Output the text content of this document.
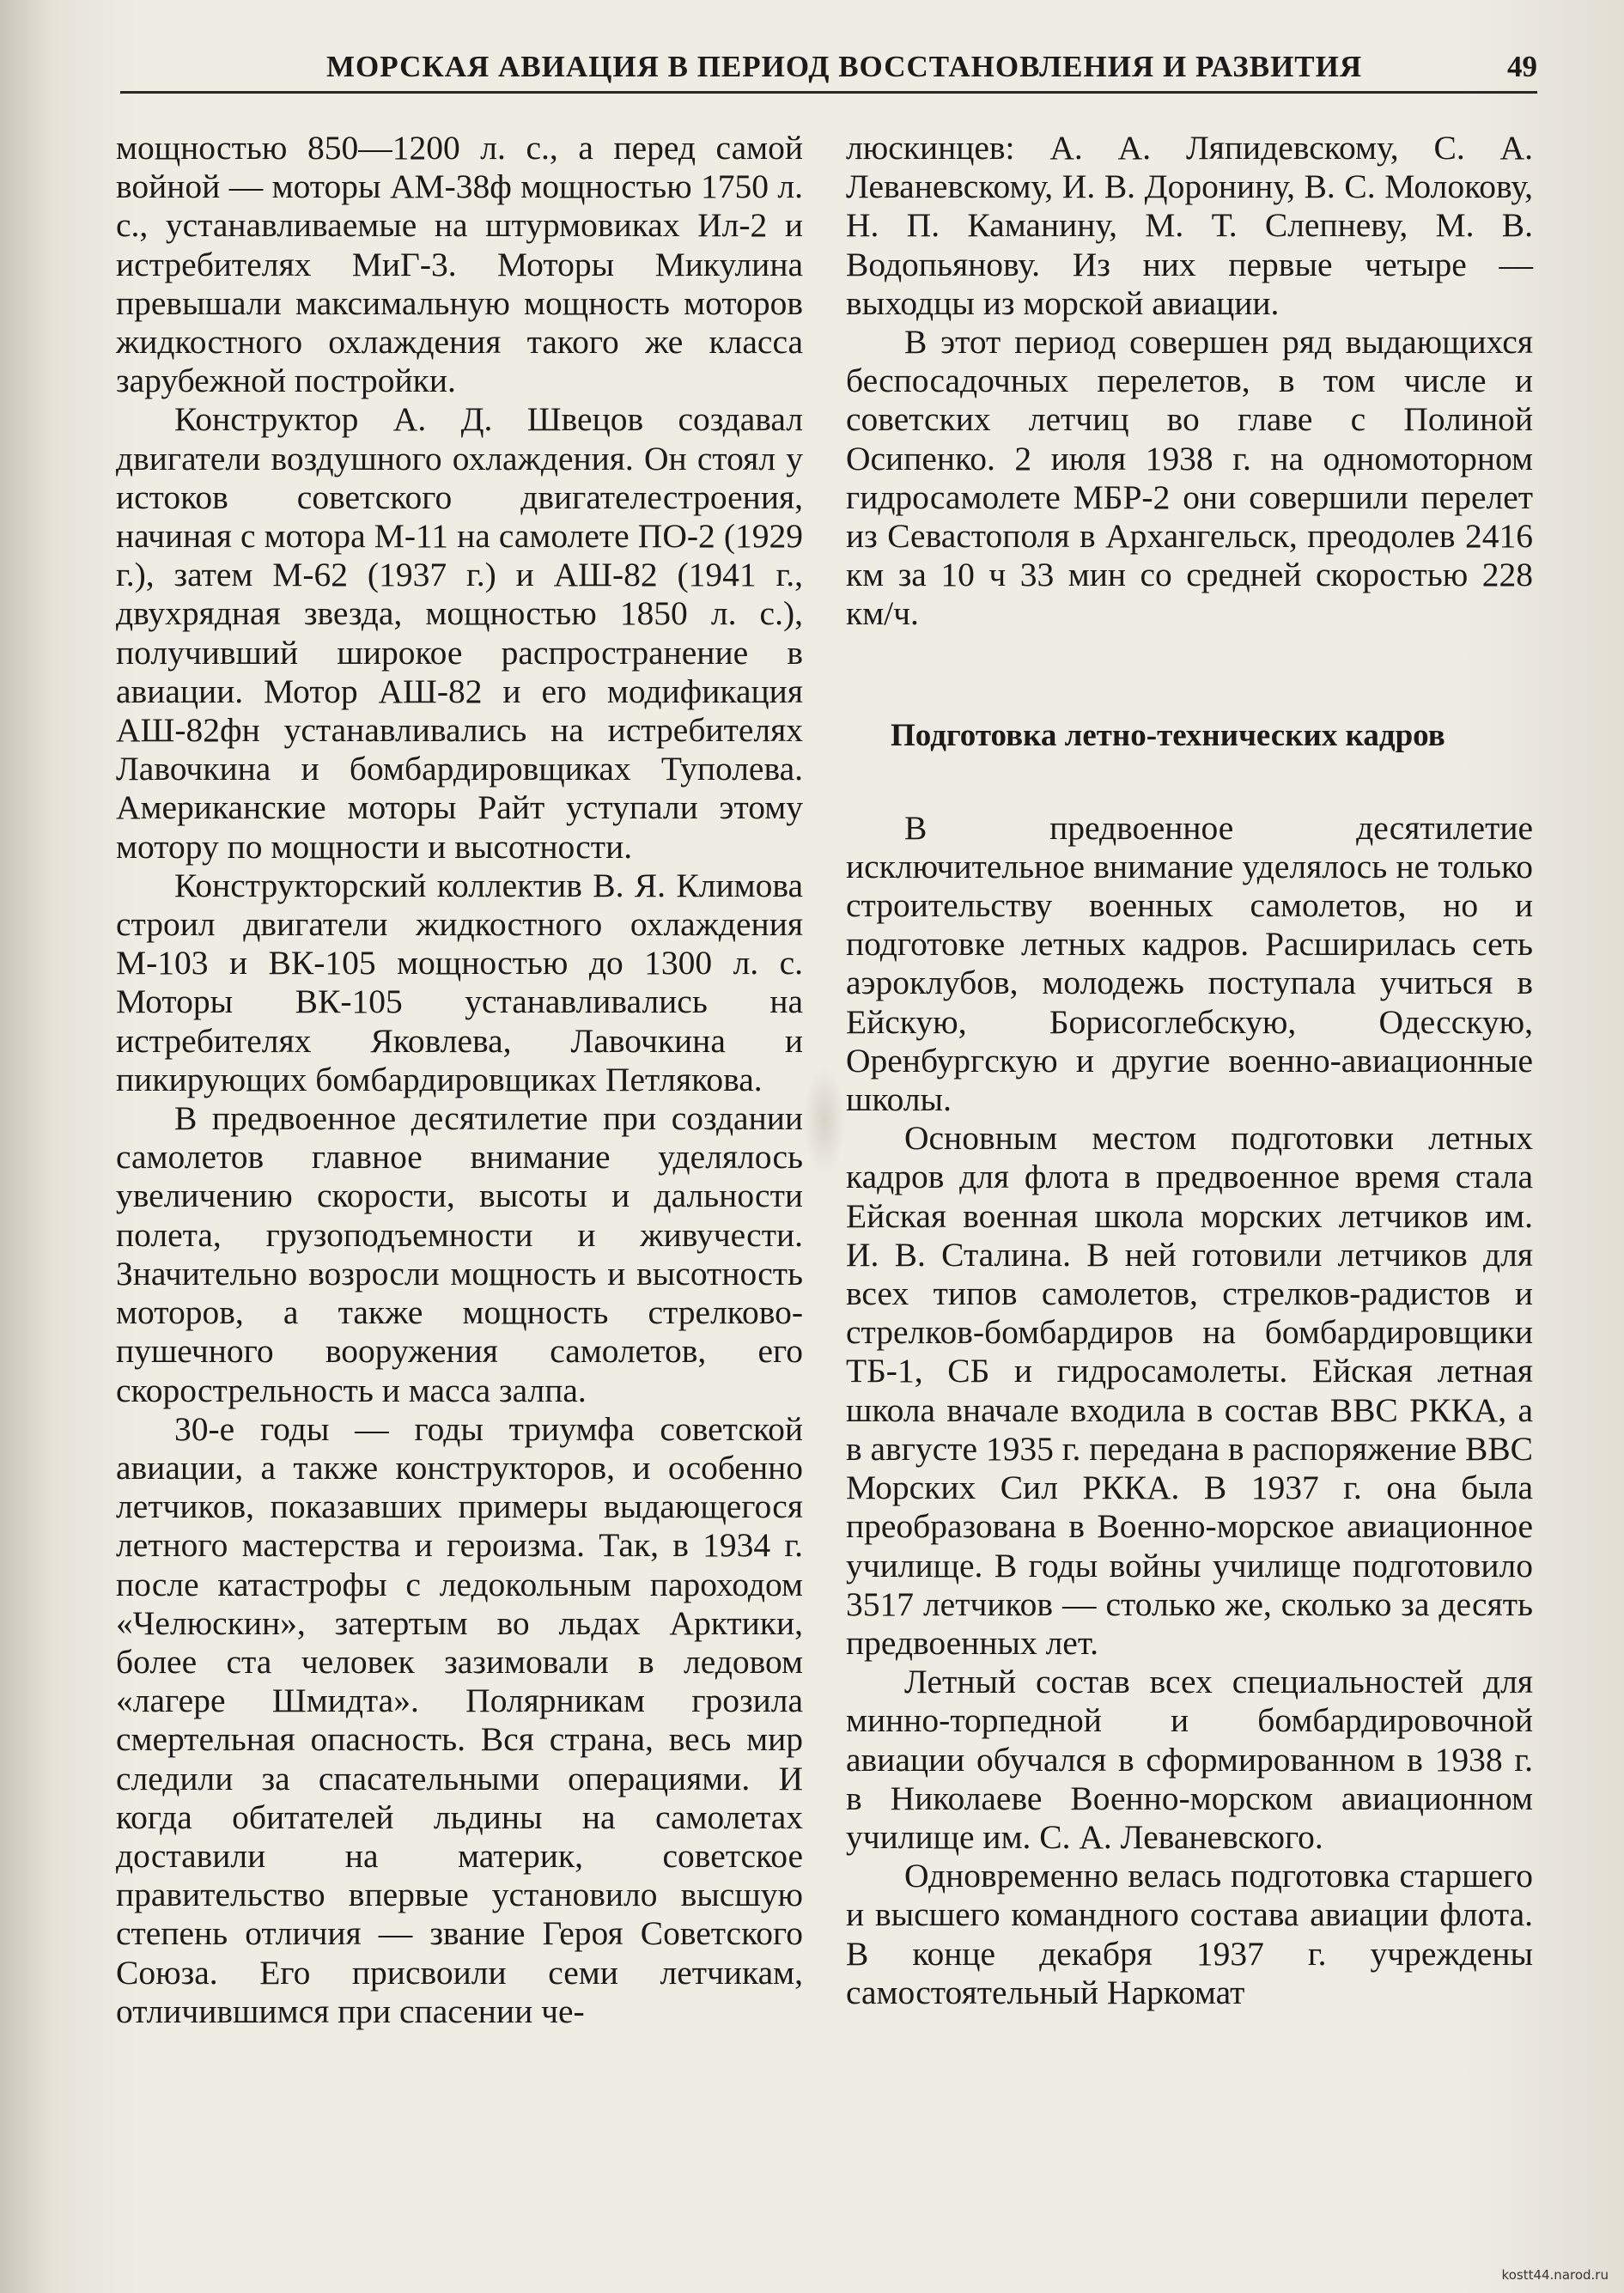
МОРСКАЯ АВИАЦИЯ В ПЕРИОД ВОССТАНОВЛЕНИЯ И РАЗВИТИЯ	49

мощностью 850—1200 л. с., а перед самой войной — моторы АМ-38ф мощностью 1750 л. с., устанавливаемые на штурмовиках Ил-2 и истребителях МиГ-3. Моторы Микулина превышали максимальную мощность моторов жидкостного охлаждения такого же класса зарубежной постройки.

Конструктор А. Д. Швецов создавал двигатели воздушного охлаждения. Он стоял у истоков советского двигателестроения, начиная с мотора М-11 на самолете ПО-2 (1929 г.), затем М-62 (1937 г.) и АШ-82 (1941 г., двухрядная звезда, мощностью 1850 л. с.), получивший широкое распространение в авиации. Мотор АШ-82 и его модификация АШ-82фн устанавливались на истребителях Лавочкина и бомбардировщиках Туполева. Американские моторы Райт уступали этому мотору по мощности и высотности.

Конструкторский коллектив В. Я. Климова строил двигатели жидкостного охлаждения М-103 и ВК-105 мощностью до 1300 л. с. Моторы ВК-105 устанавливались на истребителях Яковлева, Лавочкина и пикирующих бомбардировщиках Петлякова.

В предвоенное десятилетие при создании самолетов главное внимание уделялось увеличению скорости, высоты и дальности полета, грузоподъемности и живучести. Значительно возросли мощность и высотность моторов, а также мощность стрелково-пушечного вооружения самолетов, его скорострельность и масса залпа.

30-е годы — годы триумфа советской авиации, а также конструкторов, и особенно летчиков, показавших примеры выдающегося летного мастерства и героизма. Так, в 1934 г. после катастрофы с ледокольным пароходом «Челюскин», затертым во льдах Арктики, более ста человек зазимовали в ледовом «лагере Шмидта». Полярникам грозила смертельная опасность. Вся страна, весь мир следили за спасательными операциями. И когда обитателей льдины на самолетах доставили на материк, советское правительство впервые установило высшую степень отличия — звание Героя Советского Союза. Его присвоили семи летчикам, отличившимся при спасении че-

люскинцев: А. А. Ляпидевскому, С. А. Леваневскому, И. В. Доронину, В. С. Молокову, Н. П. Каманину, М. Т. Слепневу, М. В. Водопьянову. Из них первые четыре — выходцы из морской авиации.

В этот период совершен ряд выдающихся беспосадочных перелетов, в том числе и советских летчиц во главе с Полиной Осипенко. 2 июля 1938 г. на одномоторном гидросамолете МБР-2 они совершили перелет из Севастополя в Архангельск, преодолев 2416 км за 10 ч 33 мин со средней скоростью 228 км/ч.

Подготовка летно-технических кадров

В предвоенное десятилетие исключительное внимание уделялось не только строительству военных самолетов, но и подготовке летных кадров. Расширилась сеть аэроклубов, молодежь поступала учиться в Ейскую, Борисоглебскую, Одесскую, Оренбургскую и другие военно-авиационные школы.

Основным местом подготовки летных кадров для флота в предвоенное время стала Ейская военная школа морских летчиков им. И. В. Сталина. В ней готовили летчиков для всех типов самолетов, стрелков-радистов и стрелков-бомбардиров на бомбардировщики ТБ-1, СБ и гидросамолеты. Ейская летная школа вначале входила в состав ВВС РККА, а в августе 1935 г. передана в распоряжение ВВС Морских Сил РККА. В 1937 г. она была преобразована в Военно-морское авиационное училище. В годы войны училище подготовило 3517 летчиков — столько же, сколько за десять предвоенных лет.

Летный состав всех специальностей для минно-торпедной и бомбардировочной авиации обучался в сформированном в 1938 г. в Николаеве Военно-морском авиационном училище им. С. А. Леваневского.

Одновременно велась подготовка старшего и высшего командного состава авиации флота. В конце декабря 1937 г. учреждены самостоятельный Наркомат

kostt44.narod.ru
